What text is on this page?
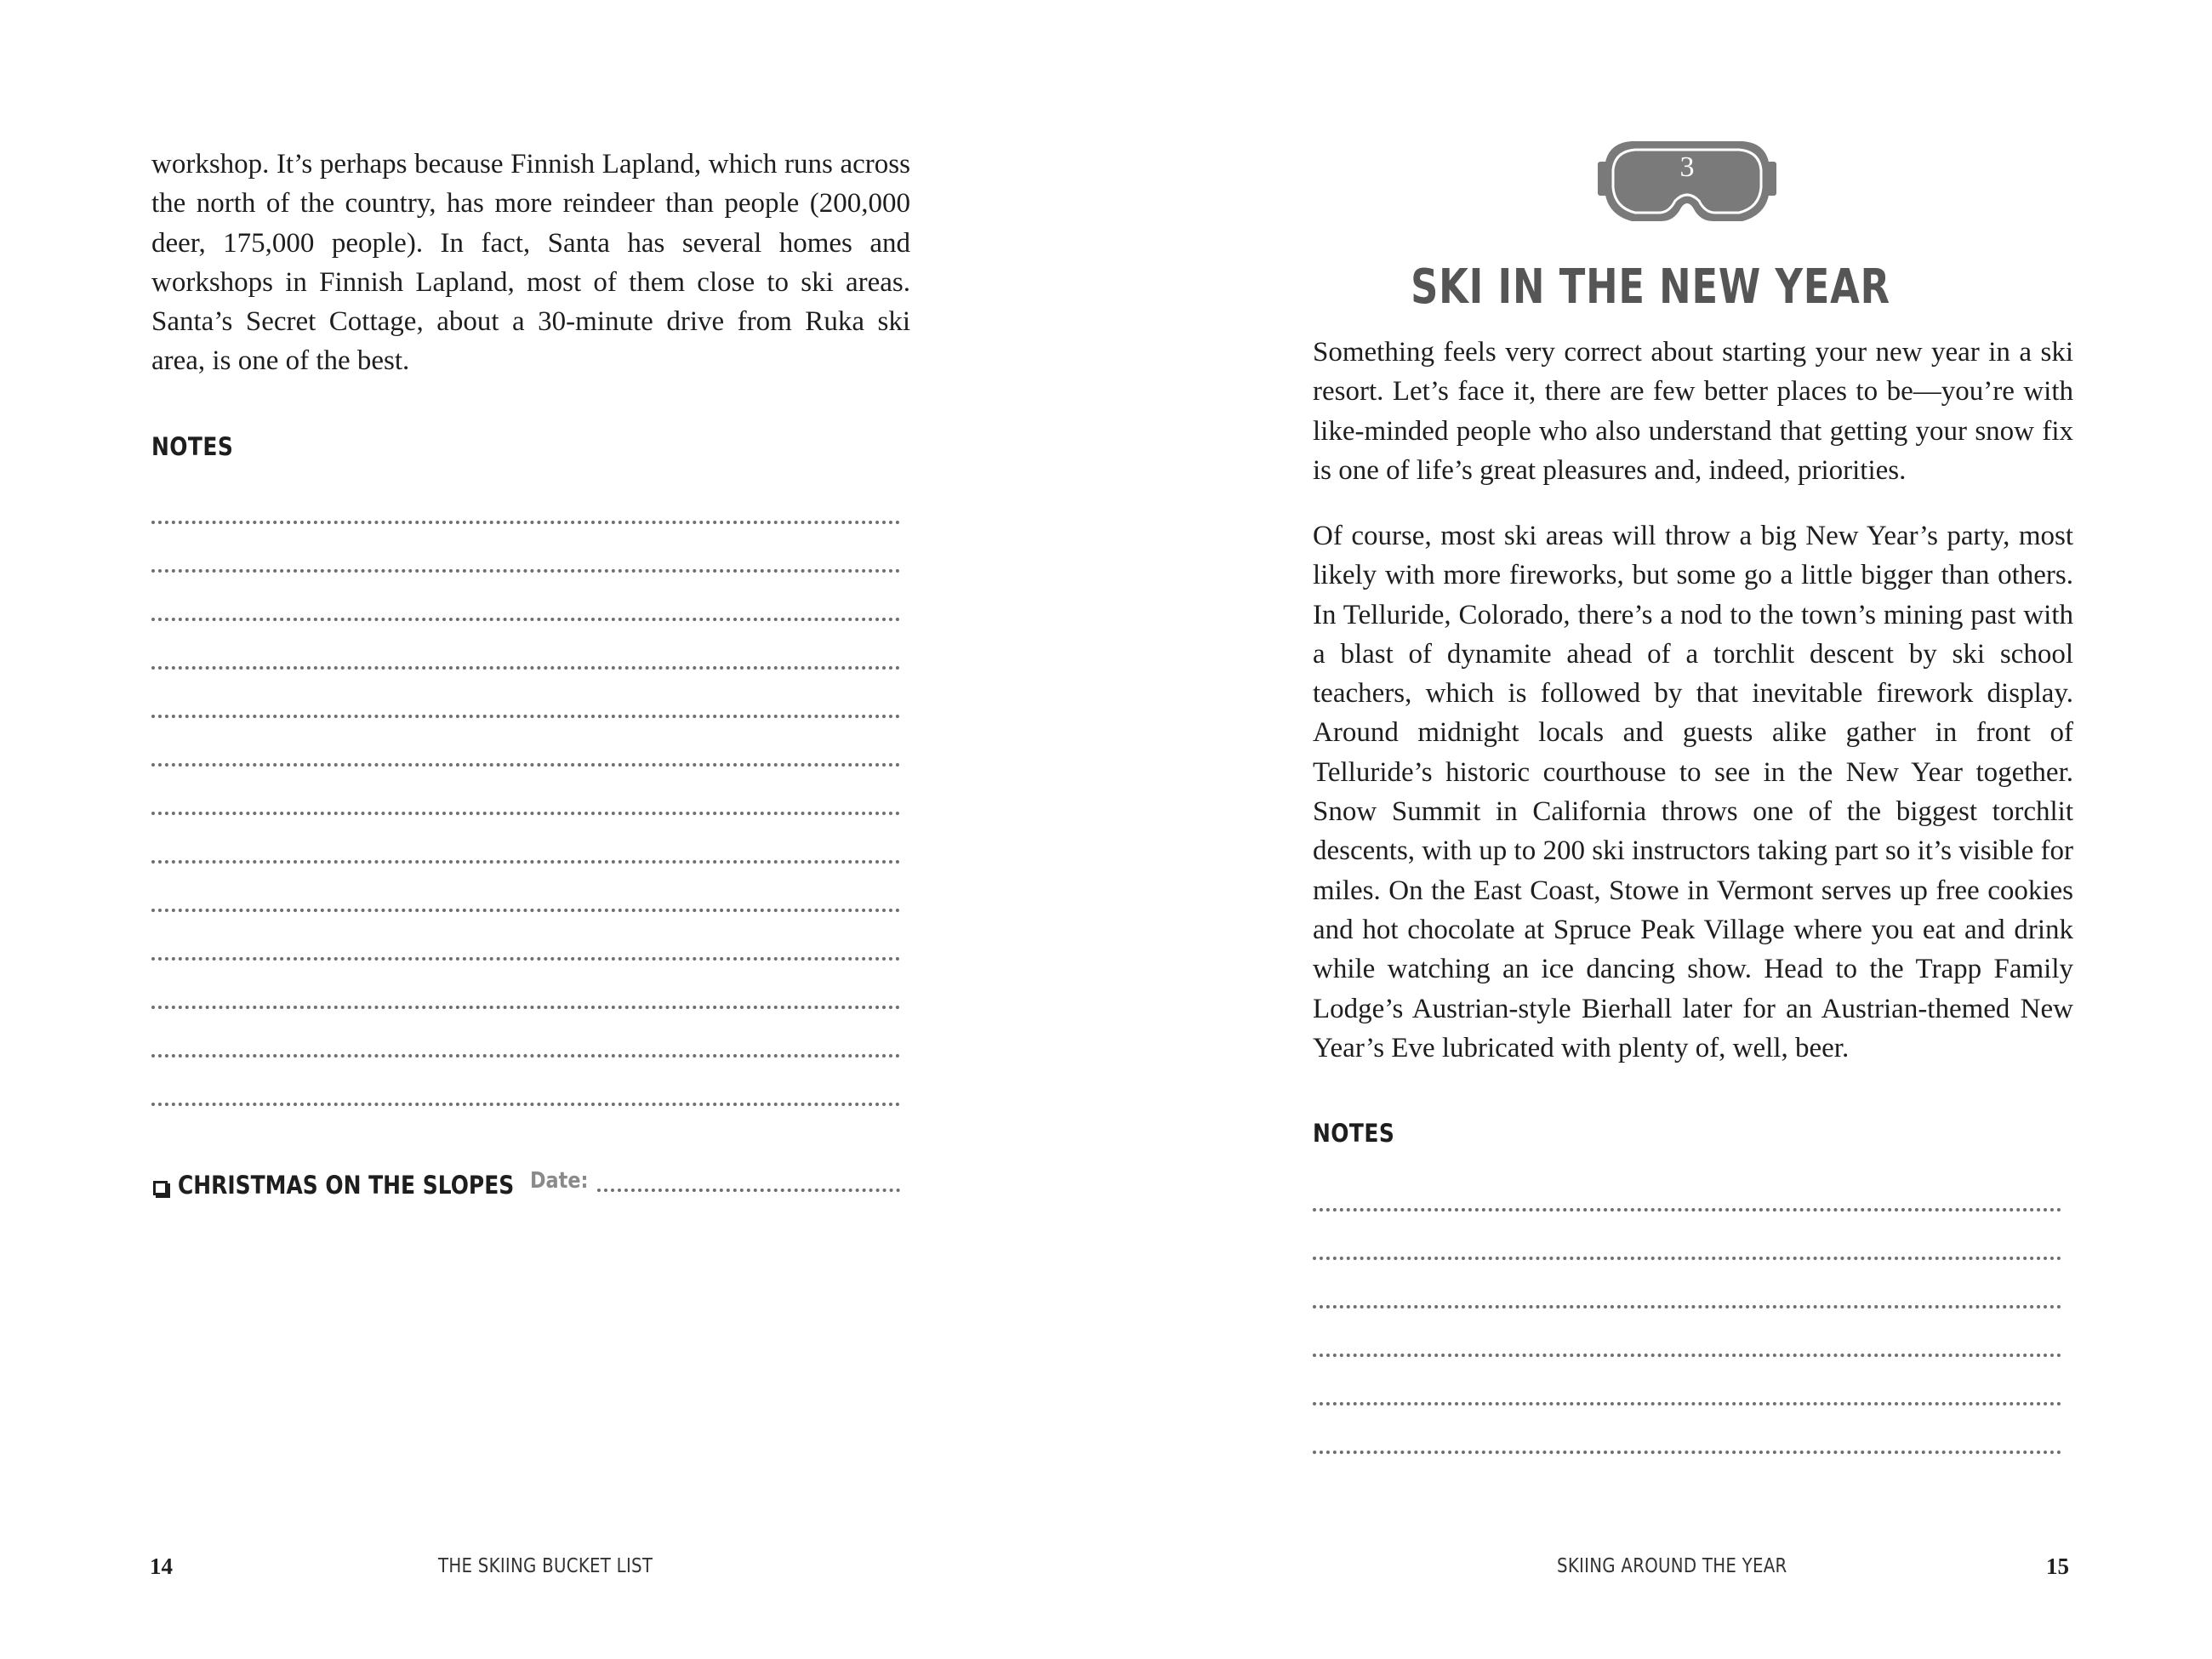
workshop. It’s perhaps because Finnish Lapland, which runs across the north of the country, has more reindeer than people (200,000 deer, 175,000 people). In fact, Santa has several homes and workshops in Finnish Lapland, most of them close to ski areas. Santa’s Secret Cottage, about a 30-minute drive from Ruka ski area, is one of the best.

NOTES
CHRISTMAS ON THE SLOPES Date:
14	THE SKIING BUCKET LIST
3
SKI IN THE NEW YEAR

Something feels very correct about starting your new year in a ski resort. Let’s face it, there are few better places to be—you’re with like-minded people who also understand that getting your snow fix is one of life’s great pleasures and, indeed, priorities.

Of course, most ski areas will throw a big New Year’s party, most likely with more fireworks, but some go a little bigger than others. In Telluride, Colorado, there’s a nod to the town’s mining past with a blast of dynamite ahead of a torchlit descent by ski school teachers, which is followed by that inevitable firework display. Around midnight locals and guests alike gather in front of Telluride’s historic courthouse to see in the New Year together. Snow Summit in California throws one of the biggest torchlit descents, with up to 200 ski instructors taking part so it’s visible for miles. On the East Coast, Stowe in Vermont serves up free cookies and hot chocolate at Spruce Peak Village where you eat and drink while watching an ice dancing show. Head to the Trapp Family Lodge’s Austrian-style Bierhall later for an Austrian-themed New Year’s Eve lubricated with plenty of, well, beer.

NOTES
SKIING AROUND THE YEAR	15
